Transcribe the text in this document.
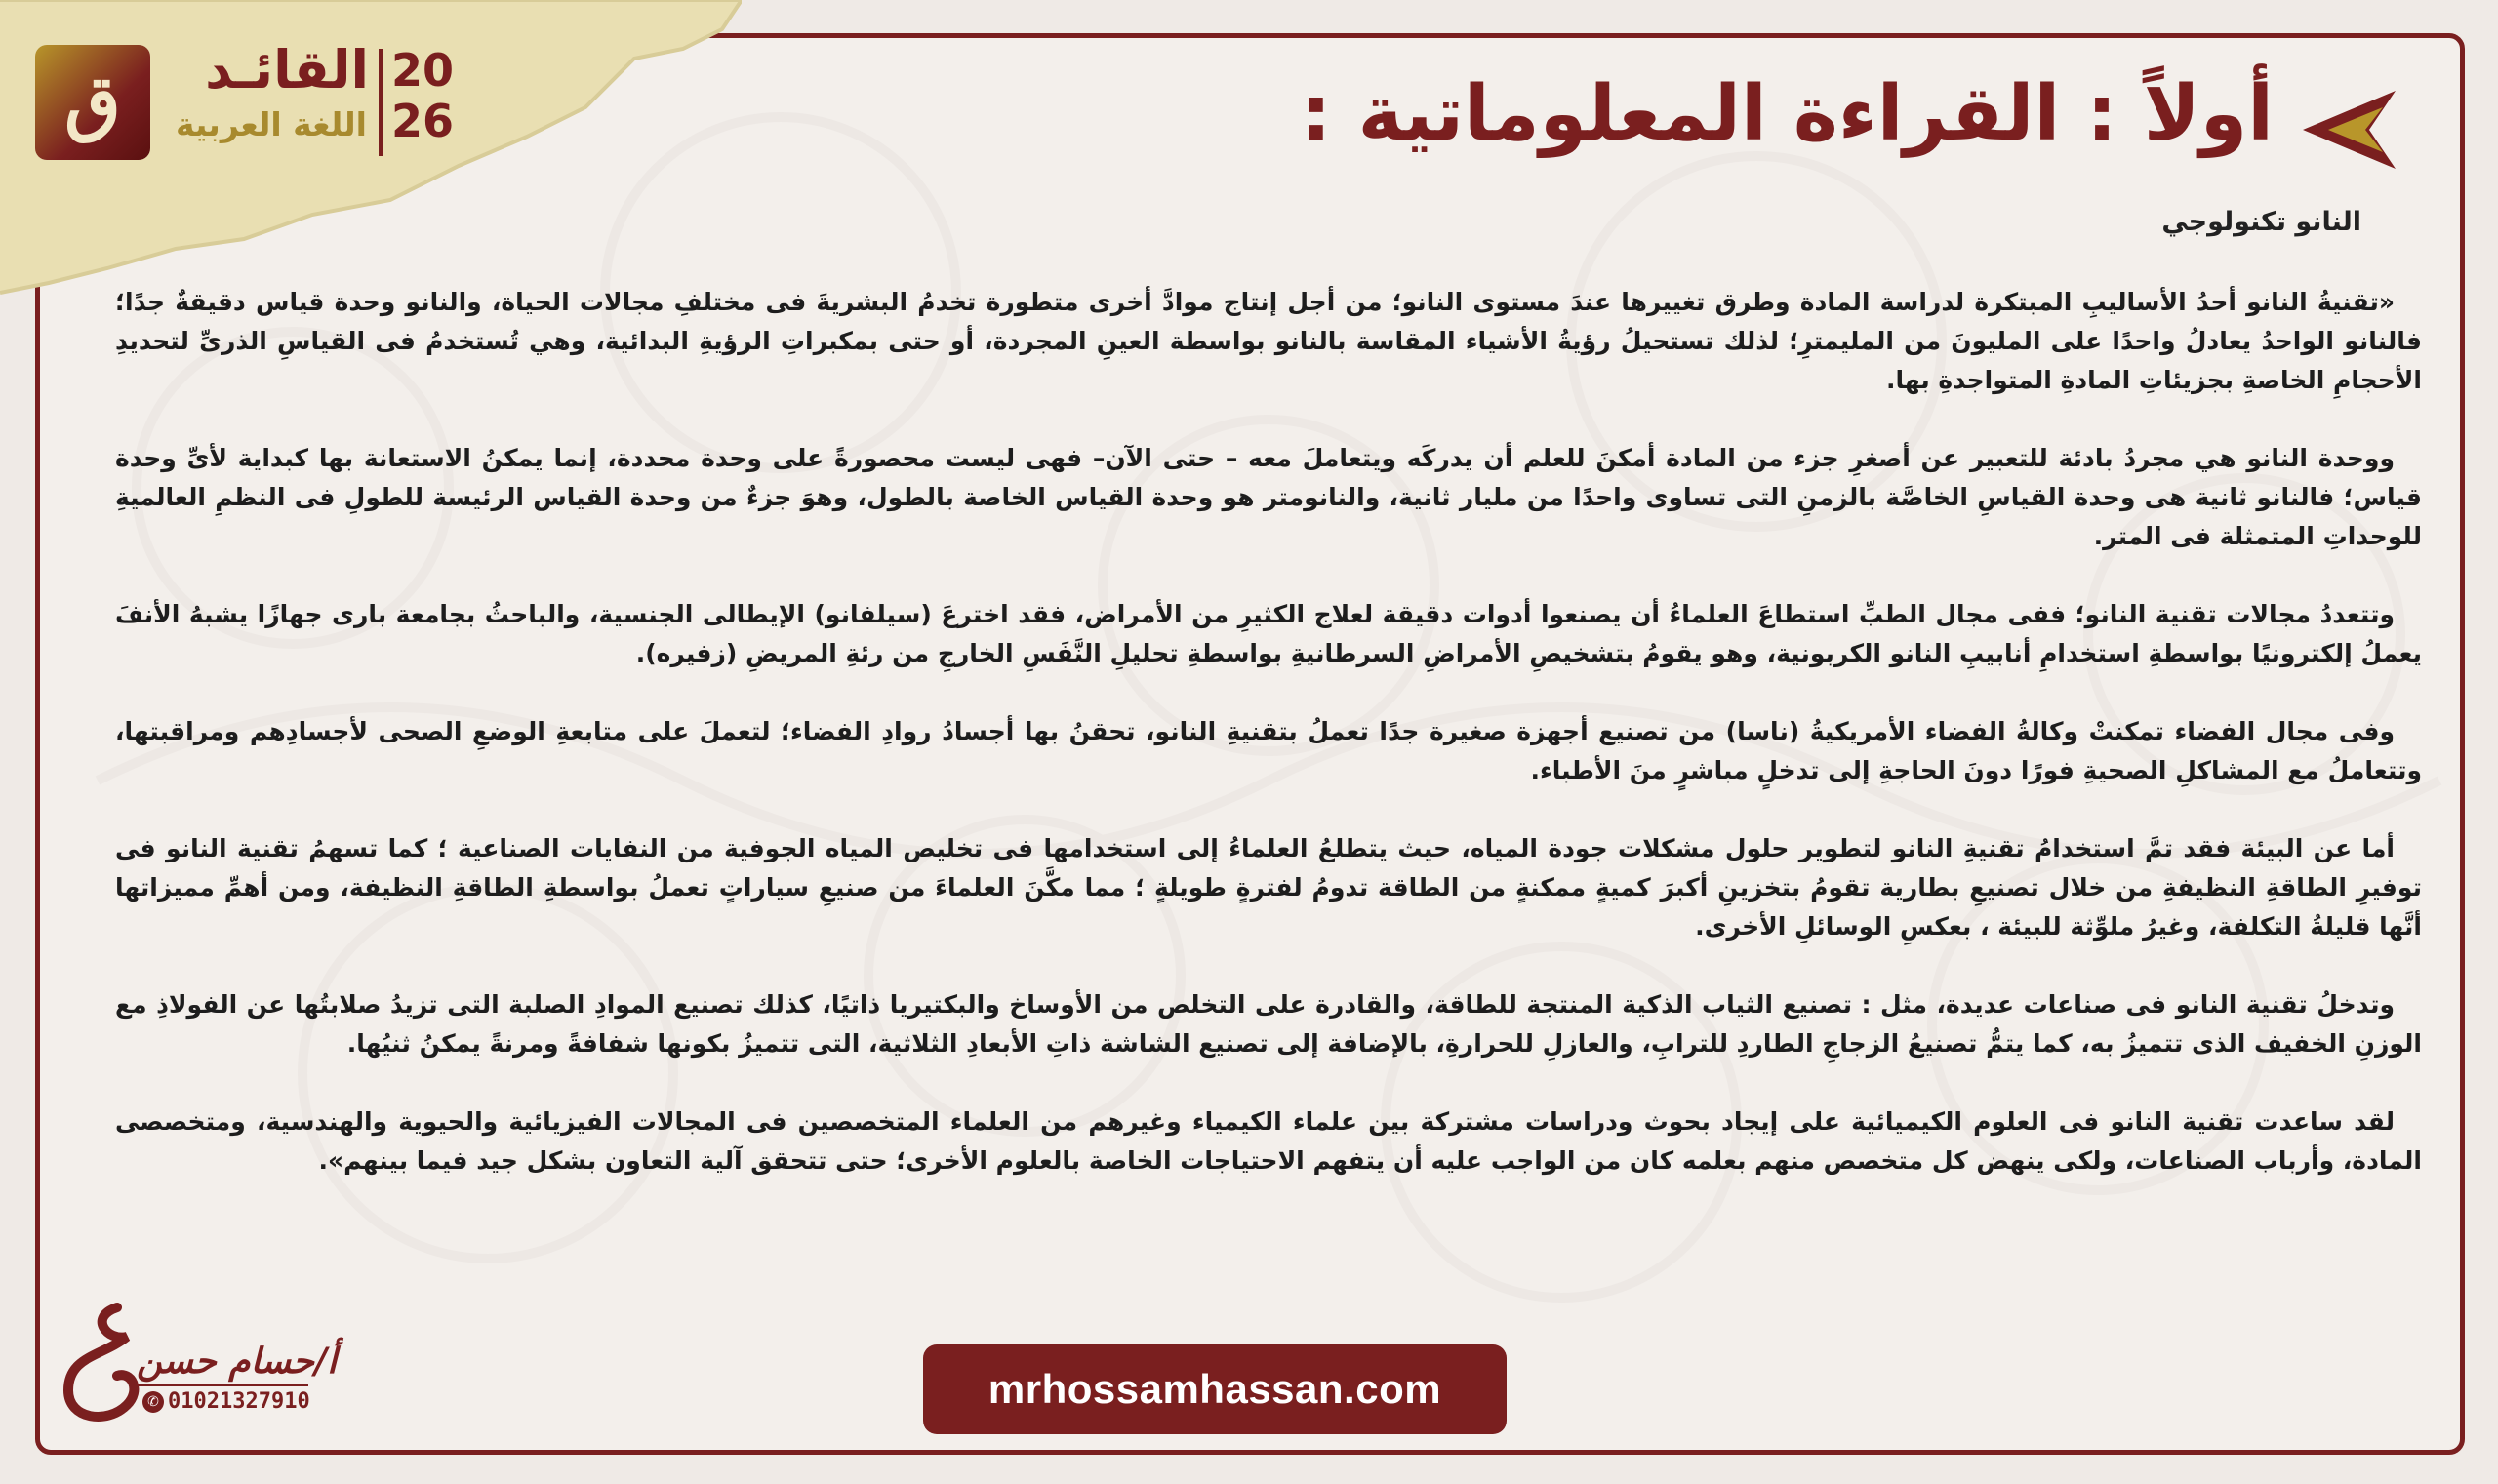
ق	القائـد
اللغة العربية
20
26	أولاً : القراءة المعلوماتية :
النانو تكنولوجي

«تقنيةُ النانو أحدُ الأساليبِ المبتكرة لدراسة المادة وطرق تغييرها عندَ مستوى النانو؛ من أجل إنتاج موادَّ أخرى متطورة تخدمُ البشريةَ فى مختلفِ مجالات الحياة، والنانو وحدة قياس دقيقةٌ جدًا؛ فالنانو الواحدُ يعادلُ واحدًا على المليونَ من المليمترِ؛ لذلك تستحيلُ رؤيةُ الأشياء المقاسة بالنانو بواسطة العينِ المجردة، أو حتى بمكبراتِ الرؤيةِ البدائية، وهي تُستخدمُ فى القياسِ الذرىِّ لتحديدِ الأحجامِ الخاصةِ بجزيئاتِ المادةِ المتواجدةِ بها.

ووحدة النانو هي مجردُ بادئة للتعبير عن أصغرِ جزء من المادة أمكنَ للعلم أن يدركَه ويتعاملَ معه – حتى الآن– فهى ليست محصورةً على وحدة محددة، إنما يمكنُ الاستعانة بها كبداية لأىِّ وحدة قياس؛ فالنانو ثانية هى وحدة القياسِ الخاصَّة بالزمنِ التى تساوى واحدًا من مليار ثانية، والنانومتر هو وحدة القياس الخاصة بالطول، وهوَ جزءٌ من وحدة القياس الرئيسة للطولِ فى النظمِ العالميةِ للوحداتِ المتمثلة فى المتر.

وتتعددُ مجالات تقنية النانو؛ ففى مجال الطبِّ استطاعَ العلماءُ أن يصنعوا أدوات دقيقة لعلاج الكثيرِ من الأمراض، فقد اخترعَ (سيلفانو) الإيطالى الجنسية، والباحثُ بجامعة بارى جهازًا يشبهُ الأنفَ يعملُ إلكترونيًا بواسطةِ استخدامِ أنابيبِ النانو الكربونية، وهو يقومُ بتشخيصِ الأمراضِ السرطانيةِ بواسطةِ تحليلِ النَّفَسِ الخارجِ من رئةِ المريضِ (زفيره).

وفى مجال الفضاء تمكنتْ وكالةُ الفضاء الأمريكيةُ (ناسا) من تصنيع أجهزة صغيرة جدًا تعملُ بتقنيةِ النانو، تحقنُ بها أجسادُ روادِ الفضاء؛ لتعملَ على متابعةِ الوضعِ الصحى لأجسادِهم ومراقبتها، وتتعاملُ مع المشاكلِ الصحيةِ فورًا دونَ الحاجةِ إلى تدخلٍ مباشرٍ منَ الأطباء.

أما عن البيئة فقد تمَّ استخدامُ تقنيةِ النانو لتطوير حلول مشكلات جودة المياه، حيث يتطلعُ العلماءُ إلى استخدامها فى تخليص المياه الجوفية من النفايات الصناعية ؛ كما تسهمُ تقنية النانو فى توفيرِ الطاقةِ النظيفةِ من خلال تصنيعِ بطارية تقومُ بتخزينِ أكبرَ كميةٍ ممكنةٍ من الطاقة تدومُ لفترةٍ طويلةٍ ؛ مما مكَّنَ العلماءَ من صنيعِ سياراتٍ تعملُ بواسطةِ الطاقةِ النظيفة، ومن أهمِّ مميزاتها أنَّها قليلةُ التكلفة، وغيرُ ملوِّثة للبيئة ، بعكسِ الوسائلِ الأخرى.

وتدخلُ تقنية النانو فى صناعات عديدة، مثل : تصنيع الثياب الذكية المنتجة للطاقة، والقادرة على التخلص من الأوساخ والبكتيريا ذاتيًا، كذلك تصنيع الموادِ الصلبة التى تزيدُ صلابتُها عن الفولاذِ مع الوزنِ الخفيف الذى تتميزُ به، كما يتمُّ تصنيعُ الزجاجِ الطاردِ للترابِ، والعازلِ للحرارةِ، بالإضافة إلى تصنيع الشاشة ذاتِ الأبعادِ الثلاثية، التى تتميزُ بكونها شفافةً ومرنةً يمكنُ ثنيُها.

لقد ساعدت تقنية النانو فى العلوم الكيميائية على إيجاد بحوث ودراسات مشتركة بين علماء الكيمياء وغيرهم من العلماء المتخصصين فى المجالات الفيزيائية والحيوية والهندسية، ومتخصصى المادة، وأرباب الصناعات، ولكى ينهض كل متخصص منهم بعلمه كان من الواجب عليه أن يتفهم الاحتياجات الخاصة بالعلوم الأخرى؛ حتى تتحقق آلية التعاون بشكل جيد فيما بينهم».

أ/حسام حسن
✆ 01021327910	mrhossamhassan.com
